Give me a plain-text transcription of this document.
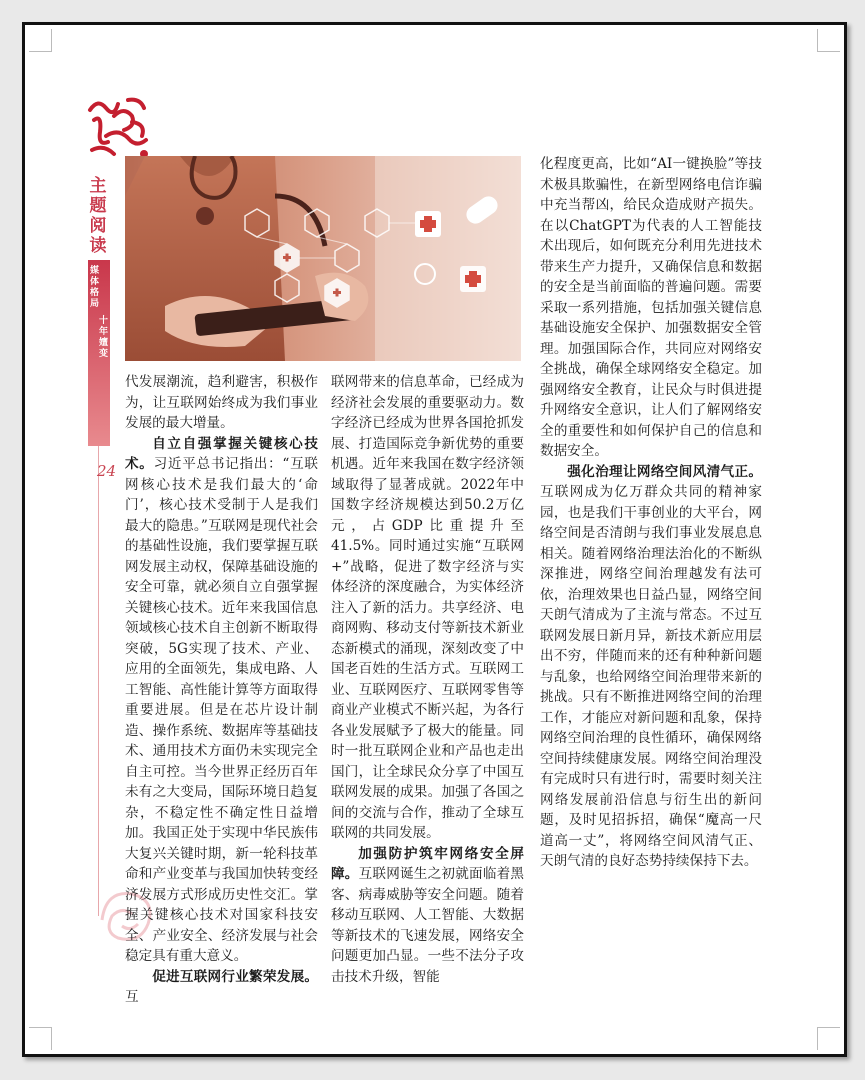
主题阅读
媒体格局
十年嬗变
24

代发展潮流，趋利避害，积极作为，让互联网始终成为我们事业发展的最大增量。

自立自强掌握关键核心技术。习近平总书记指出：“互联网核心技术是我们最大的‘命门’，核心技术受制于人是我们最大的隐患。”互联网是现代社会的基础性设施，我们要掌握互联网发展主动权，保障基础设施的安全可靠，就必须自立自强掌握关键核心技术。近年来我国信息领域核心技术自主创新不断取得突破，5G实现了技术、产业、应用的全面领先，集成电路、人工智能、高性能计算等方面取得重要进展。但是在芯片设计制造、操作系统、数据库等基础技术、通用技术方面仍未实现完全自主可控。当今世界正经历百年未有之大变局，国际环境日趋复杂，不稳定性不确定性日益增加。我国正处于实现中华民族伟大复兴关键时期，新一轮科技革命和产业变革与我国加快转变经济发展方式形成历史性交汇。掌握关键核心技术对国家科技安全、产业安全、经济发展与社会稳定具有重大意义。

促进互联网行业繁荣发展。互

联网带来的信息革命，已经成为经济社会发展的重要驱动力。数字经济已经成为世界各国抢抓发展、打造国际竞争新优势的重要机遇。近年来我国在数字经济领域取得了显著成就。2022年中国数字经济规模达到50.2万亿元，占GDP比重提升至41.5%。同时通过实施“互联网+”战略，促进了数字经济与实体经济的深度融合，为实体经济注入了新的活力。共享经济、电商网购、移动支付等新技术新业态新模式的涌现，深刻改变了中国老百姓的生活方式。互联网工业、互联网医疗、互联网零售等商业产业模式不断兴起，为各行各业发展赋予了极大的能量。同时一批互联网企业和产品也走出国门，让全球民众分享了中国互联网发展的成果。加强了各国之间的交流与合作，推动了全球互联网的共同发展。

加强防护筑牢网络安全屏障。互联网诞生之初就面临着黑客、病毒威胁等安全问题。随着移动互联网、人工智能、大数据等新技术的飞速发展，网络安全问题更加凸显。一些不法分子攻击技术升级，智能

化程度更高，比如“AI一键换脸”等技术极具欺骗性，在新型网络电信诈骗中充当帮凶，给民众造成财产损失。在以ChatGPT为代表的人工智能技术出现后，如何既充分利用先进技术带来生产力提升，又确保信息和数据的安全是当前面临的普遍问题。需要采取一系列措施，包括加强关键信息基础设施安全保护、加强数据安全管理。加强国际合作，共同应对网络安全挑战，确保全球网络安全稳定。加强网络安全教育，让民众与时俱进提升网络安全意识，让人们了解网络安全的重要性和如何保护自己的信息和数据安全。

强化治理让网络空间风清气正。互联网成为亿万群众共同的精神家园，也是我们干事创业的大平台，网络空间是否清朗与我们事业发展息息相关。随着网络治理法治化的不断纵深推进，网络空间治理越发有法可依，治理效果也日益凸显，网络空间天朗气清成为了主流与常态。不过互联网发展日新月异，新技术新应用层出不穷，伴随而来的还有种种新问题与乱象，也给网络空间治理带来新的挑战。只有不断推进网络空间的治理工作，才能应对新问题和乱象，保持网络空间治理的良性循环，确保网络空间持续健康发展。网络空间治理没有完成时只有进行时，需要时刻关注网络发展前沿信息与衍生出的新问题，及时见招拆招，确保“魔高一尺道高一丈”，将网络空间风清气正、天朗气清的良好态势持续保持下去。
